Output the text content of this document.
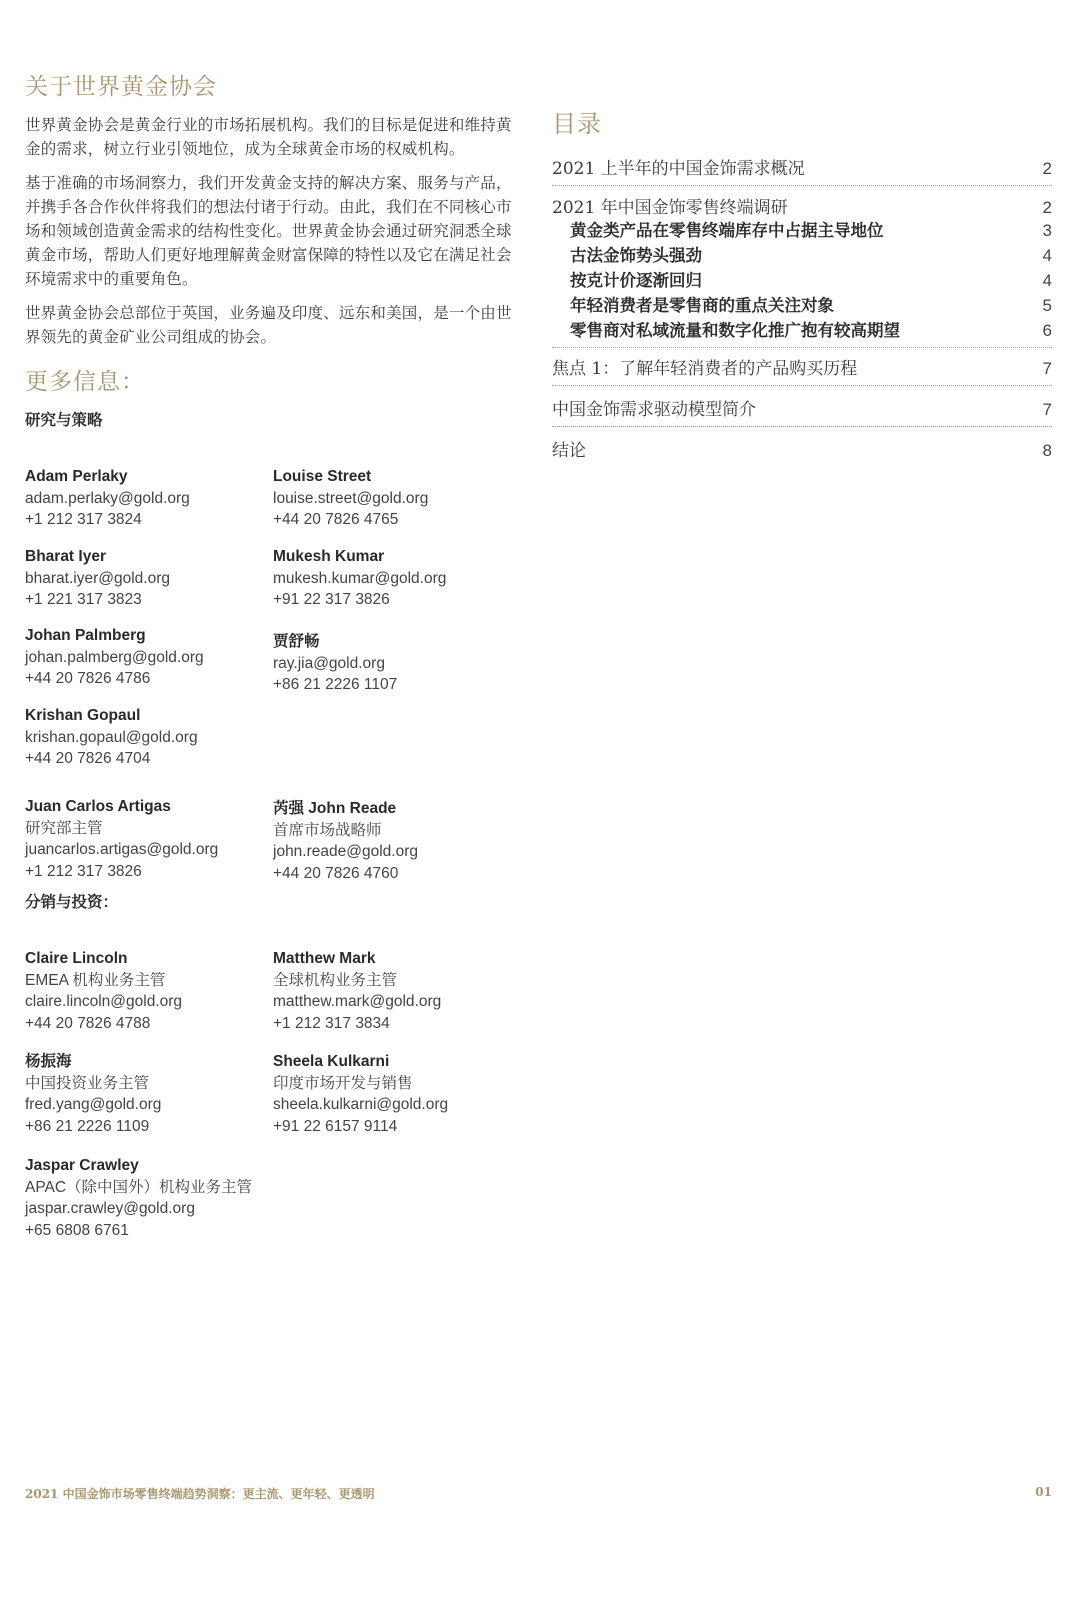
关于世界黄金协会

世界黄金协会是黄金行业的市场拓展机构。我们的目标是促进和维持黄金的需求，树立行业引领地位，成为全球黄金市场的权威机构。

基于准确的市场洞察力，我们开发黄金支持的解决方案、服务与产品，并携手各合作伙伴将我们的想法付诸于行动。由此，我们在不同核心市场和领域创造黄金需求的结构性变化。世界黄金协会通过研究洞悉全球黄金市场，帮助人们更好地理解黄金财富保障的特性以及它在满足社会环境需求中的重要角色。

世界黄金协会总部位于英国，业务遍及印度、远东和美国，是一个由世界领先的黄金矿业公司组成的协会。

更多信息：
研究与策略
Adam Perlaky
adam.perlaky@gold.org
+1 212 317 3824
Louise Street
louise.street@gold.org
+44 20 7826 4765
Bharat Iyer
bharat.iyer@gold.org
+1 221 317 3823
Mukesh Kumar
mukesh.kumar@gold.org
+91 22 317 3826
Johan Palmberg
johan.palmberg@gold.org
+44 20 7826 4786
贾舒畅
ray.jia@gold.org
+86 21 2226 1107
Krishan Gopaul
krishan.gopaul@gold.org
+44 20 7826 4704
Juan Carlos Artigas
研究部主管
juancarlos.artigas@gold.org
+1 212 317 3826
芮强 John Reade
首席市场战略师
john.reade@gold.org
+44 20 7826 4760
分销与投资：
Claire Lincoln
EMEA 机构业务主管
claire.lincoln@gold.org
+44 20 7826 4788
Matthew Mark
全球机构业务主管
matthew.mark@gold.org
+1 212 317 3834
杨振海
中国投资业务主管
fred.yang@gold.org
+86 21 2226 1109
Sheela Kulkarni
印度市场开发与销售
sheela.kulkarni@gold.org
+91 22 6157 9114
Jaspar Crawley
APAC（除中国外）机构业务主管
jaspar.crawley@gold.org
+65 6808 6761
目录
2021 上半年的中国金饰需求概况	2
2021 年中国金饰零售终端调研	2
黄金类产品在零售终端库存中占据主导地位	3
古法金饰势头强劲	4
按克计价逐渐回归	4
年轻消费者是零售商的重点关注对象	5
零售商对私域流量和数字化推广抱有较高期望	6
焦点 1：了解年轻消费者的产品购买历程	7
中国金饰需求驱动模型简介	7
结论	8
2021 中国金饰市场零售终端趋势洞察：更主流、更年轻、更透明	01
